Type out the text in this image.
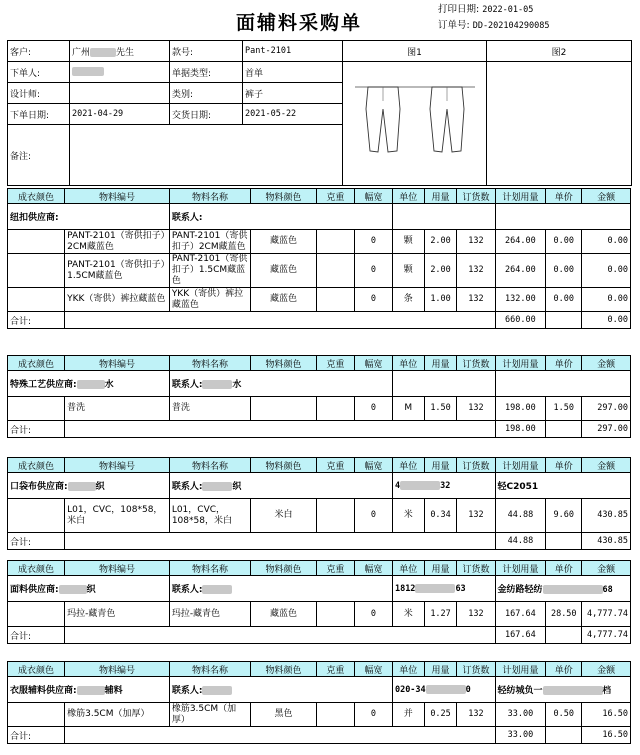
面辅料采购单
打印日期: 2022-01-05
订单号: DD-202104290085
客户:	广州 先生	款号:	Pant-2101	图1	图2
下单人:		单据类型:	首单	

设计师:		类别:	裤子		
下单日期:	2021-04-29	交货日期:	2021-05-22		
备注:					
成衣颜色	物料编号	物料名称	物料颜色	克重	幅宽	单位	用量	订货数	计划用量	单价	金额
纽扣供应商:		联系人:									
	PANT-2101（寄供扣子）2CM藏蓝色	PANT-2101（寄供扣子）2CM藏蓝色	藏蓝色		0	颗	2.00	132	264.00	0.00	0.00
	PANT-2101（寄供扣子）1.5CM藏蓝色	PANT-2101（寄供扣子）1.5CM藏蓝色	藏蓝色		0	颗	2.00	132	264.00	0.00	0.00
	YKK（寄供）裤拉藏蓝色	YKK（寄供）裤拉藏蓝色	藏蓝色		0	条	1.00	132	132.00	0.00	0.00
合计:									660.00		0.00
成衣颜色	物料编号	物料名称	物料颜色	克重	幅宽	单位	用量	订货数	计划用量	单价	金额
特殊工艺供应商: 水		联系人: 水									
	普洗	普洗			0	M	1.50	132	198.00	1.50	297.00
合计:									198.00		297.00
成衣颜色	物料编号	物料名称	物料颜色	克重	幅宽	单位	用量	订货数	计划用量	单价	金额
口袋布供应商: 织		联系人: 织				4 32			轻C2051		
	L01，CVC，108*58，米白	L01，CVC，108*58，米白	米白		0	米	0.34	132	44.88	9.60	430.85
合计:									44.88		430.85
成衣颜色	物料编号	物料名称	物料颜色	克重	幅宽	单位	用量	订货数	计划用量	单价	金额
面料供应商: 织		联系人:				1812 63			金纺路轻纺 68		
	玛拉-藏青色	玛拉-藏青色	藏蓝色		0	米	1.27	132	167.64	28.50	4,777.74
合计:									167.64		4,777.74
成衣颜色	物料编号	物料名称	物料颜色	克重	幅宽	单位	用量	订货数	计划用量	单价	金额
衣服辅料供应商: 辅料		联系人:				020-34 0			轻纺城负一 档		
	橡筋3.5CM（加厚）	橡筋3.5CM（加厚）	黑色		0	并	0.25	132	33.00	0.50	16.50
合计:									33.00		16.50
